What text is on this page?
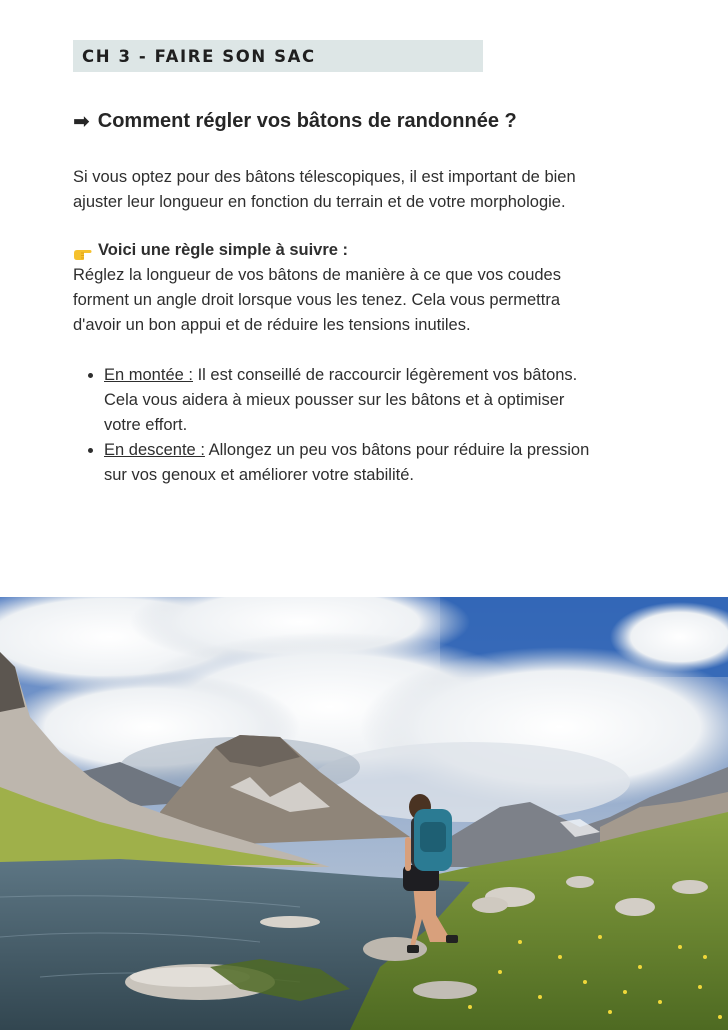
CH 3 - FAIRE SON SAC
➡ Comment régler vos bâtons de randonnée ?
Si vous optez pour des bâtons télescopiques, il est important de bien
ajuster leur longueur en fonction du terrain et de votre morphologie.
Voici une règle simple à suivre :
Réglez la longueur de vos bâtons de manière à ce que vos coudes
forment un angle droit lorsque vous les tenez. Cela vous permettra
d'avoir un bon appui et de réduire les tensions inutiles.
• En montée : Il est conseillé de raccourcir légèrement vos bâtons.
Cela vous aidera à mieux pousser sur les bâtons et à optimiser
votre effort.
• En descente : Allongez un peu vos bâtons pour réduire la pression
sur vos genoux et améliorer votre stabilité.
